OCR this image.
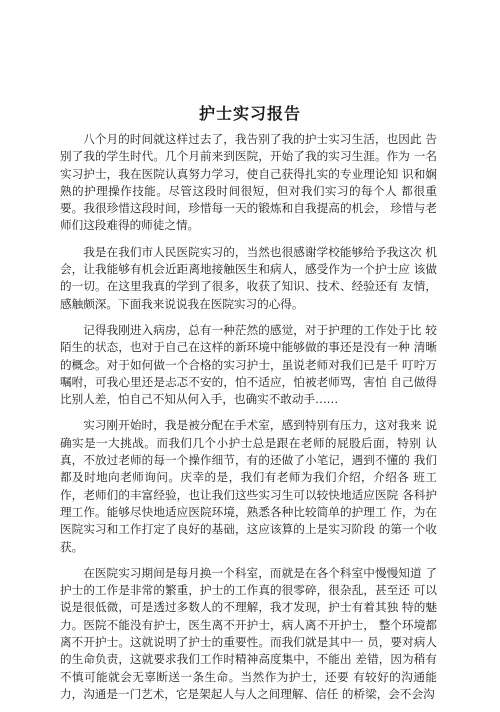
护士实习报告

八个月的时间就这样过去了，我告别了我的护士实习生活，也因此 告别了我的学生时代。几个月前来到医院，开始了我的实习生涯。作为 一名实习护士，我在医院认真努力学习，使自己获得扎实的专业理论知 识和娴熟的护理操作技能。尽管这段时间很短，但对我们实习的每个人 都很重要。我很珍惜这段时间，珍惜每一天的锻炼和自我提高的机会， 珍惜与老师们这段难得的师徒之情。

我是在我们市人民医院实习的，当然也很感谢学校能够给予我这次 机会，让我能够有机会近距离地接触医生和病人，感受作为一个护士应 该做的一切。在这里我真的学到了很多，收获了知识、技术、经验还有 友情，感触颇深。下面我来说说我在医院实习的心得。

记得我刚进入病房，总有一种茫然的感觉，对于护理的工作处于比 较陌生的状态，也对于自己在这样的新环境中能够做的事还是没有一种 清晰的概念。对于如何做一个合格的实习护士，虽说老师对我们已是千 叮咛万嘱咐，可我心里还是忐忑不安的，怕不适应，怕被老师骂，害怕 自己做得比别人差，怕自己不知从何入手，也确实不敢动手……

实习刚开始时，我是被分配在手术室，感到特别有压力，这对我来 说确实是一大挑战。而我们几个小护士总是跟在老师的屁股后面，特别 认真，不放过老师的每一个操作细节，有的还做了小笔记，遇到不懂的 我们都及时地向老师询问。庆幸的是，我们有老师为我们介绍，介绍各 班工作，老师们的丰富经验，也让我们这些实习生可以较快地适应医院 各科护理工作。能够尽快地适应医院环境，熟悉各种比较简单的护理工 作，为在医院实习和工作打定了良好的基础，这应该算的上是实习阶段 的第一个收获。

在医院实习期间是每月换一个科室，而就是在各个科室中慢慢知道 了护士的工作是非常的繁重，护士的工作真的很零碎，很杂乱，甚至还 可以说是很低微，可是透过多数人的不理解，我才发现，护士有着其独 特的魅力。医院不能没有护士，医生离不开护士，病人离不开护士， 整个环境都离不开护士。这就说明了护士的重要性。而我们就是其中一 员，要对病人的生命负责，这就要求我们工作时精神高度集中，不能出 差错，因为稍有不慎可能就会无辜断送一条生命。当然作为护士，还要 有较好的沟通能力，沟通是一门艺术，它是架起人与人之间理解、信任 的桥梁，会不会沟
